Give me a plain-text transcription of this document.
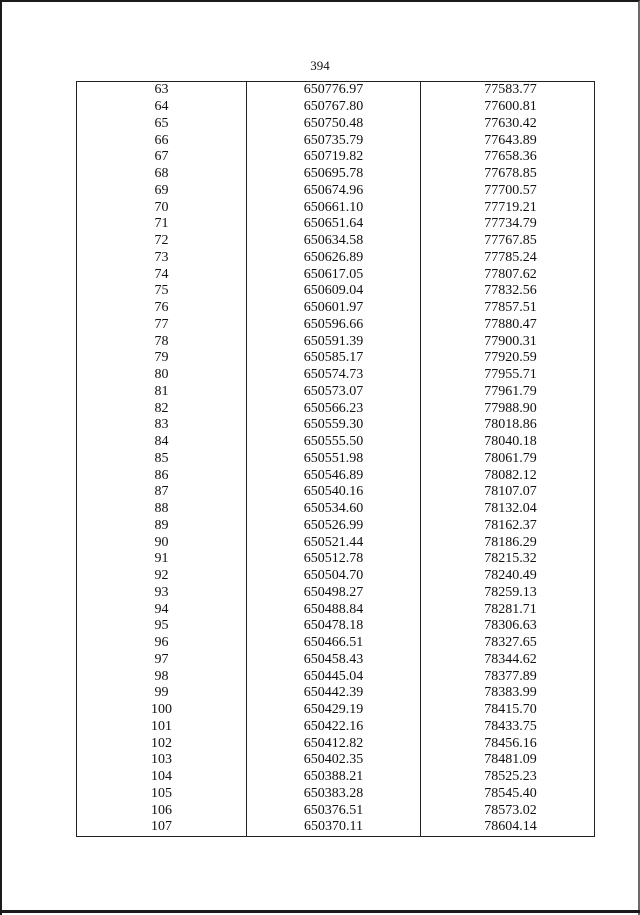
394
63	650776.97	77583.77
64	650767.80	77600.81
65	650750.48	77630.42
66	650735.79	77643.89
67	650719.82	77658.36
68	650695.78	77678.85
69	650674.96	77700.57
70	650661.10	77719.21
71	650651.64	77734.79
72	650634.58	77767.85
73	650626.89	77785.24
74	650617.05	77807.62
75	650609.04	77832.56
76	650601.97	77857.51
77	650596.66	77880.47
78	650591.39	77900.31
79	650585.17	77920.59
80	650574.73	77955.71
81	650573.07	77961.79
82	650566.23	77988.90
83	650559.30	78018.86
84	650555.50	78040.18
85	650551.98	78061.79
86	650546.89	78082.12
87	650540.16	78107.07
88	650534.60	78132.04
89	650526.99	78162.37
90	650521.44	78186.29
91	650512.78	78215.32
92	650504.70	78240.49
93	650498.27	78259.13
94	650488.84	78281.71
95	650478.18	78306.63
96	650466.51	78327.65
97	650458.43	78344.62
98	650445.04	78377.89
99	650442.39	78383.99
100	650429.19	78415.70
101	650422.16	78433.75
102	650412.82	78456.16
103	650402.35	78481.09
104	650388.21	78525.23
105	650383.28	78545.40
106	650376.51	78573.02
107	650370.11	78604.14
